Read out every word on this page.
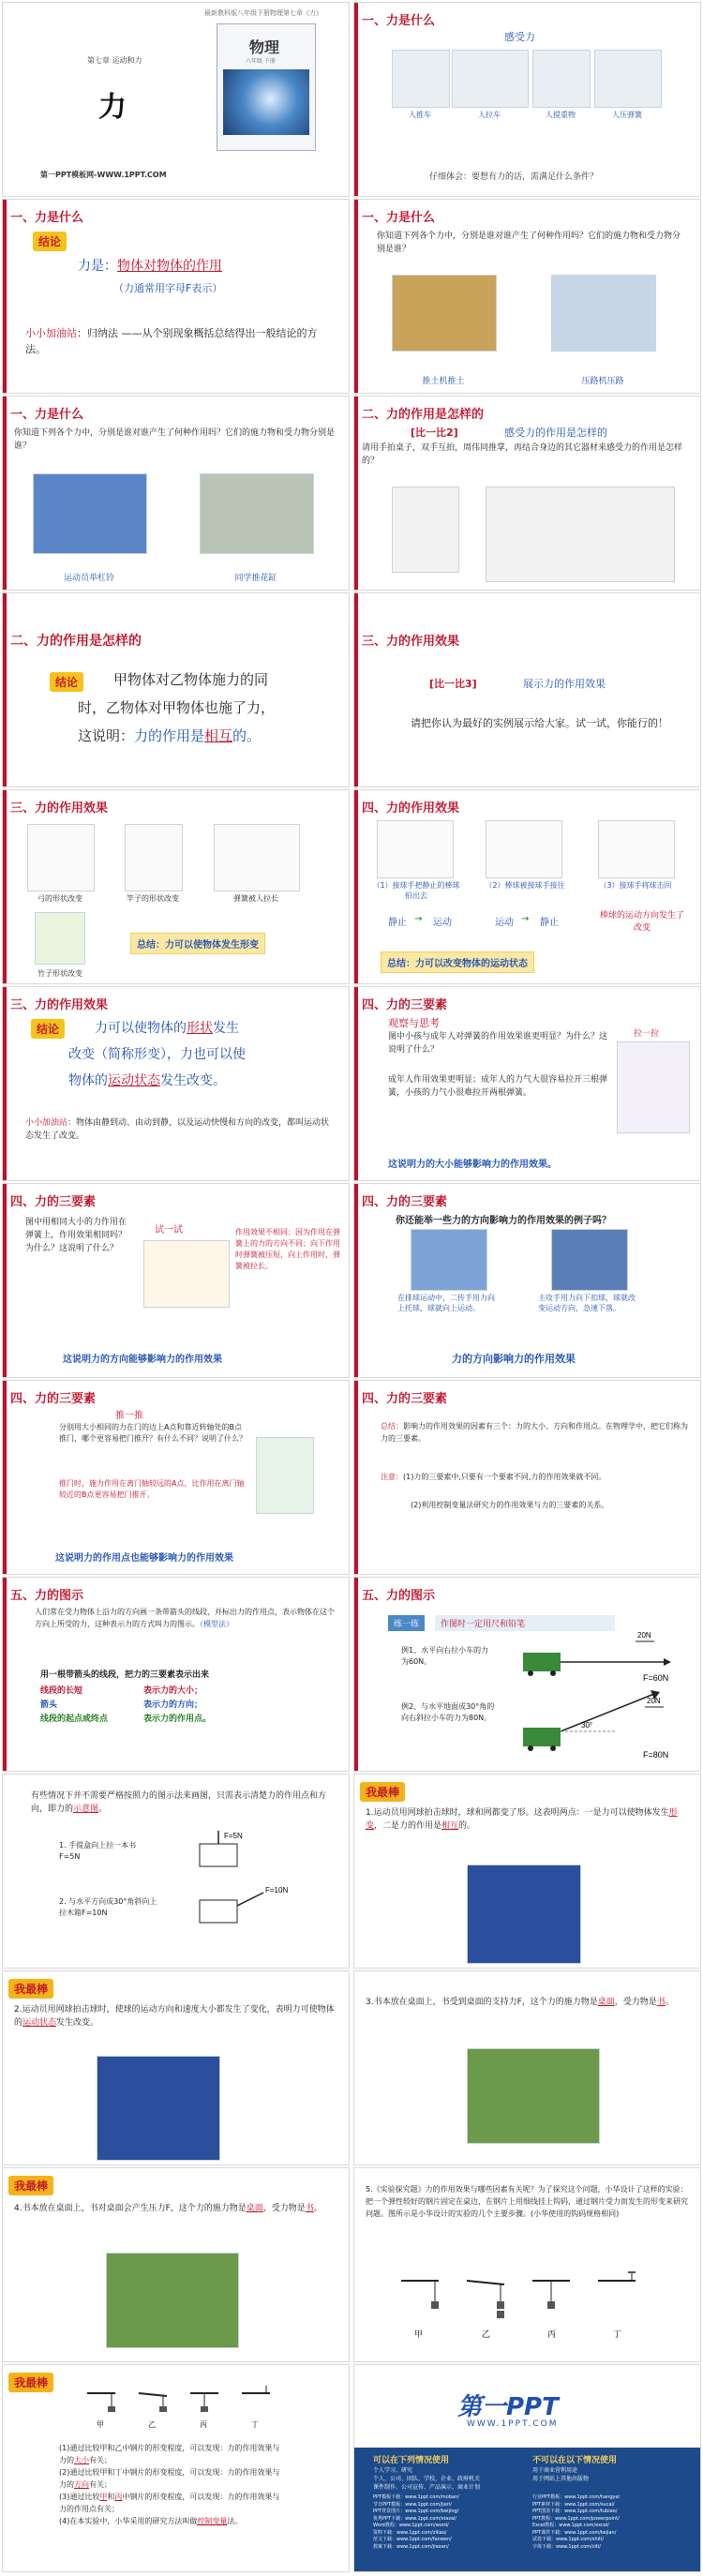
最新教科版八年级下册物理第七章《力》
第七章 运动和力
力
物理
八年级 下册
第一PPT模板网-WWW.1PPT.COM
一、力是什么
感受力
人推车	人拉车	人提重物	人压弹簧
仔细体会：要想有力的话，需满足什么条件？
一、力是什么
结论
力是：物体对物体的作用
（力通常用字母F表示）
小小加油站：归纳法 ——从个别现象概括总结得出一般结论的方法。
一、力是什么
你知道下列各个力中，分别是谁对谁产生了何种作用吗？它们的施力物和受力物分别是谁？
推土机推土	压路机压路
一、力是什么
你知道下列各个力中，分别是谁对谁产生了何种作用吗？它们的施力物和受力物分别是谁？
运动员举杠铃	同学推花缸
二、力的作用是怎样的
[比一比2]	感受力的作用是怎样的
请用手拍桌子，双手互拍，周伟同推掌，再结合身边的其它器材来感受力的作用是怎样的？
二、力的作用是怎样的
结论	甲物体对乙物体施力的同
时，乙物体对甲物体也施了力，
这说明：力的作用是相互的。
三、力的作用效果
[比一比3]	展示力的作用效果
请把你认为最好的实例展示给大家。试一试，你能行的！
三、力的作用效果
弓的形状改变	竿子的形状改变	弹簧被人拉长
竹子形状改变
总结：力可以使物体发生形变
四、力的作用效果
（1）接球手把静止的棒球拍出去
（2）棒球被接球手接住	（3）接球手将球击回
静止 → 运动	运动 → 静止
棒球的运动方向发生了改变
总结：力可以改变物体的运动状态
三、力的作用效果
结论	力可以使物体的形状发生
改变（简称形变），力也可以使
物体的运动状态发生改变。
小小加油站：物体由静到动、由动到静，以及运动快慢和方向的改变，都叫运动状态发生了改变。
四、力的三要素
观察与思考
图中小孩与成年人对弹簧的作用效果谁更明显？为什么？这说明了什么？
成年人作用效果更明显；成年人的力气大很容易拉开三根弹簧，小孩的力气小很难拉开两根弹簧。
拉一拉
这说明力的大小能够影响力的作用效果。
四、力的三要素
图中用相同大小的力作用在弹簧上，作用效果相同吗？为什么？这说明了什么？
试一试	作用效果不相同：因为作用在弹簧上的力的方向不同；向下作用时弹簧被压短，向上作用时，弹簧被拉长。
这说明力的方向能够影响力的作用效果
四、力的三要素
你还能举一些力的方向影响力的作用效果的例子吗？
在排球运动中，二传手用力向上托球，球就向上运动。
主攻手用力向下扣球，球就改变运动方向，急速下落。
力的方向影响力的作用效果
四、力的三要素
推一推
分别用大小相同的力在门的边上A点和靠近转轴处的B点推门，哪个更容易把门推开？有什么不同？说明了什么？
推门时，施力作用在离门轴较远的A点，比作用在离门轴较近的B点更容易把门推开。
这说明力的作用点也能够影响力的作用效果
四、力的三要素
总结：影响力的作用效果的因素有三个：力的大小、方向和作用点。在物理学中，把它们称为力的三要素。
注意：(1)力的三要素中,只要有一个要素不同,力的作用效果就不同。
(2)利用控制变量法研究力的作用效果与力的三要素的关系。
五、力的图示
人们常在受力物体上沿力的方向画一条带箭头的线段，并标出力的作用点，表示物体在这个方向上所受的力，这种表示力的方式叫力的图示。（模型法）
用一根带箭头的线段，把力的三要素表示出来
线段的长短	表示力的大小；
箭头	表示力的方向；
线段的起点或终点	表示力的作用点。
五、力的图示
练一练	作图时一定用尺和铅笔
例1、水平向右拉小车的力为60N。
例2、与水平地面成30°角的向右斜拉小车的力为80N。
20N
F=60N
30°
20N
F=80N
有些情况下并不需要严格按照力的图示法来画图，只需表示清楚力的作用点和方向，即力的示意图。
1. 手提盒向上拉一本书F=5N
2. 与水平方向成30°角斜向上拉木箱F=10N
F=5N
F=10N
我最棒
1.运动员用网球拍击球时，球和网都变了形。这表明两点：一是力可以使物体发生形变，二是力的作用是相互的。
我最棒
2.运动员用网球拍击球时，使球的运动方向和速度大小都发生了变化，表明力可使物体的运动状态发生改变。
3.书本放在桌面上，书受到桌面的支持力F，这个力的施力物是桌面，受力物是书。
我最棒
4.书本放在桌面上，书对桌面会产生压力F，这个力的施力物是桌面，受力物是书。
5.《实验探究题》力的作用效果与哪些因素有关呢？为了探究这个问题，小华设计了这样的实验：把一个弹性较好的钢片固定在桌边，在钢片上用细线挂上钩码，通过钢片受力而发生的形变来研究问题。图所示是小华设计的实验的几个主要步骤。(小华使用的钩码规格相同)
甲	乙	丙	丁
我最棒
甲	乙	丙	丁
(1)通过比较甲和乙中钢片的形变程度，可以发现：力的作用效果与力的大小有关；
(2)通过比较甲和丁中钢片的形变程度，可以发现：力的作用效果与力的方向有关；
(3)通过比较甲和丙中钢片的形变程度，可以发现：力的作用效果与力的作用点有关；
(4)在本实验中，小华采用的研究方法叫做控制变量法。
第一PPT
WWW.1PPT.COM
可以在下列情况使用	不可以在以下情况使用
个人学习、研究
个人、公司、团队、学校、企业、政府机关
课件制作、公司宣传、产品演示、商业计划
用于商业营利用途
用于网站上其他出版物
PPT模板下载：www.1ppt.com/moban/
节日PPT模板：www.1ppt.com/jieri/
PPT背景图片：www.1ppt.com/beijing/
优秀PPT下载：www.1ppt.com/xiazai/
Word教程：www.1ppt.com/word/
资料下载：www.1ppt.com/ziliao/
范文下载：www.1ppt.com/fanwen/
教案下载：www.1ppt.com/jiaoan/
行业PPT模板：www.1ppt.com/hangye/
PPT素材下载：www.1ppt.com/sucai/
PPT图表下载：www.1ppt.com/tubiao/
PPT教程：www.1ppt.com/powerpoint/
Excel教程：www.1ppt.com/excel/
PPT课件下载：www.1ppt.com/kejian/
试卷下载：www.1ppt.com/shiti/
字体下载：www.1ppt.com/ziti/
